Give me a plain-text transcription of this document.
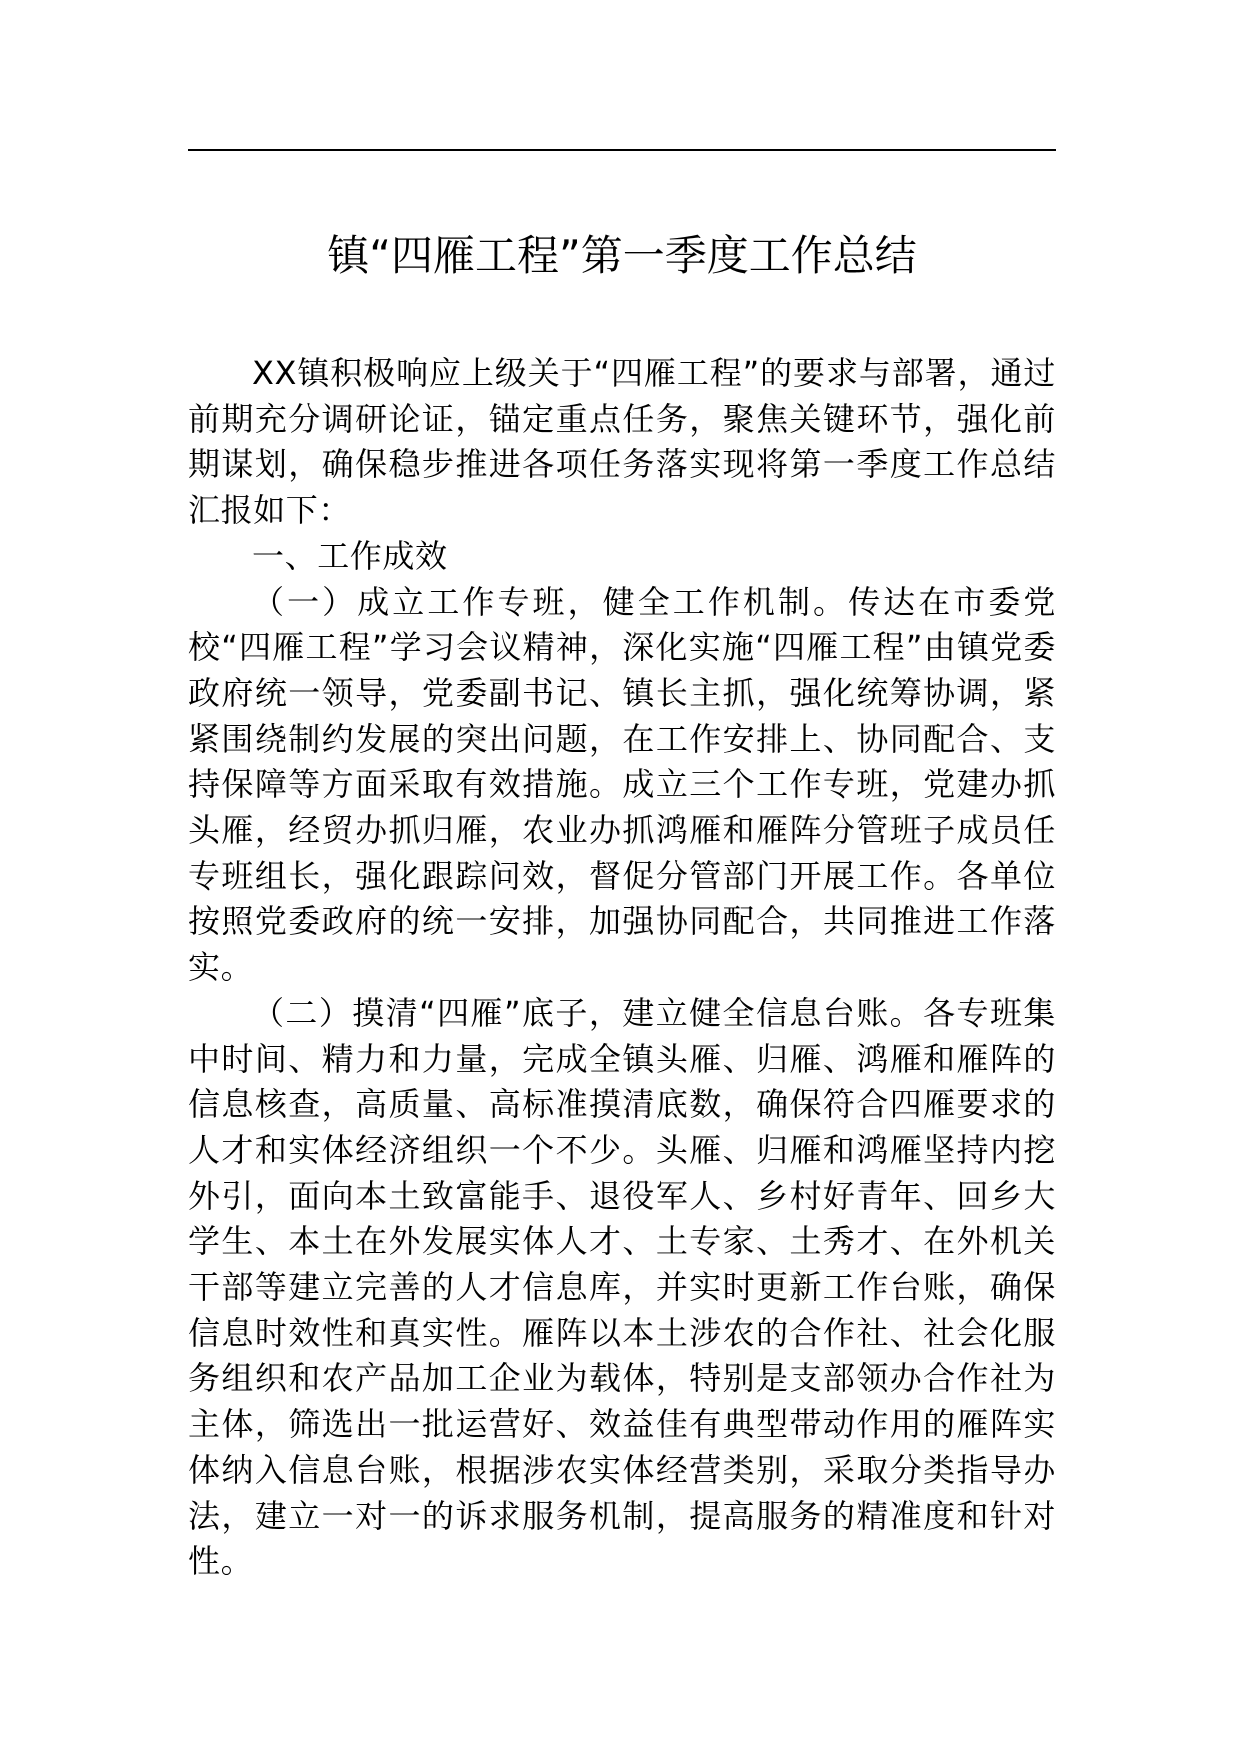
镇“四雁工程”第一季度工作总结

XX镇积极响应上级关于“四雁工程”的要求与部署，通过前期充分调研论证，锚定重点任务，聚焦关键环节，强化前期谋划，确保稳步推进各项任务落实现将第一季度工作总结汇报如下：

一、工作成效

（一）成立工作专班，健全工作机制。传达在市委党校“四雁工程”学习会议精神，深化实施“四雁工程”由镇党委政府统一领导，党委副书记、镇长主抓，强化统筹协调，紧紧围绕制约发展的突出问题，在工作安排上、协同配合、支持保障等方面采取有效措施。成立三个工作专班，党建办抓头雁，经贸办抓归雁，农业办抓鸿雁和雁阵分管班子成员任专班组长，强化跟踪问效，督促分管部门开展工作。各单位按照党委政府的统一安排，加强协同配合，共同推进工作落实。

（二）摸清“四雁”底子，建立健全信息台账。各专班集中时间、精力和力量，完成全镇头雁、归雁、鸿雁和雁阵的信息核查，高质量、高标准摸清底数，确保符合四雁要求的人才和实体经济组织一个不少。头雁、归雁和鸿雁坚持内挖外引，面向本土致富能手、退役军人、乡村好青年、回乡大学生、本土在外发展实体人才、土专家、土秀才、在外机关干部等建立完善的人才信息库，并实时更新工作台账，确保信息时效性和真实性。雁阵以本土涉农的合作社、社会化服务组织和农产品加工企业为载体，特别是支部领办合作社为主体，筛选出一批运营好、效益佳有典型带动作用的雁阵实体纳入信息台账，根据涉农实体经营类别，采取分类指导办法，建立一对一的诉求服务机制，提高服务的精准度和针对性。
